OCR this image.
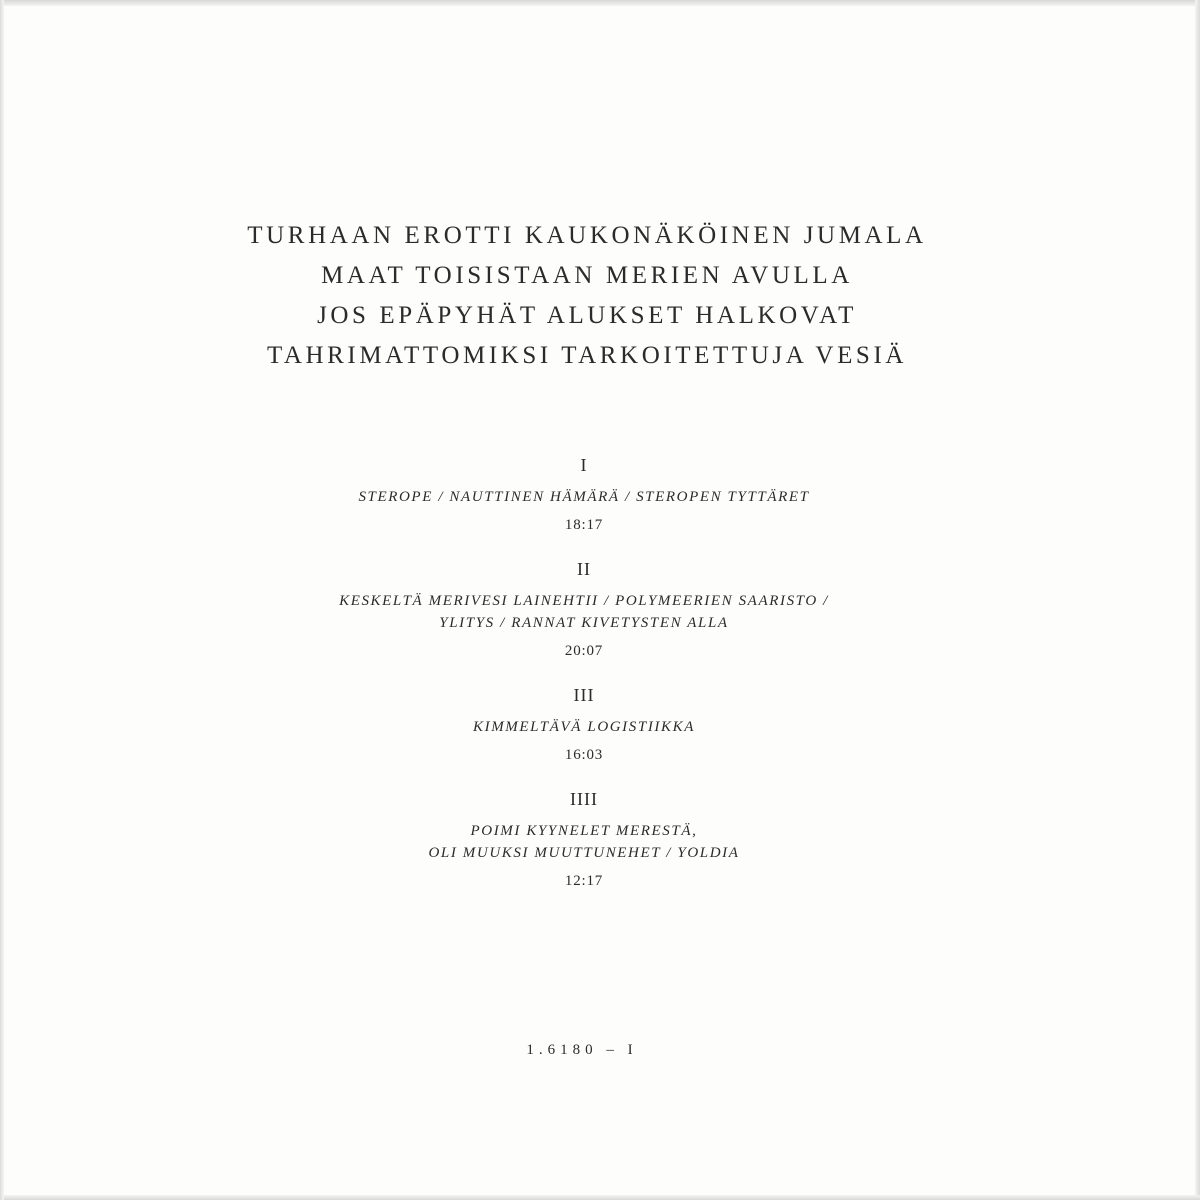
TURHAAN EROTTI KAUKONÄKÖINEN JUMALA
MAAT TOISISTAAN MERIEN AVULLA
JOS EPÄPYHÄT ALUKSET HALKOVAT
TAHRIMATTOMIKSI TARKOITETTUJA VESIÄ
I
STEROPE / NAUTTINEN HÄMÄRÄ / STEROPEN TYTTÄRET
18:17
II
KESKELTÄ MERIVESI LAINEHTII / POLYMEERIEN SAARISTO /
YLITYS / RANNAT KIVETYSTEN ALLA
20:07
III
KIMMELTÄVÄ LOGISTIIKKA
16:03
IIII
POIMI KYYNELET MERESTÄ,
OLI MUUKSI MUUTTUNEHET / YOLDIA
12:17
1.6180 – I
